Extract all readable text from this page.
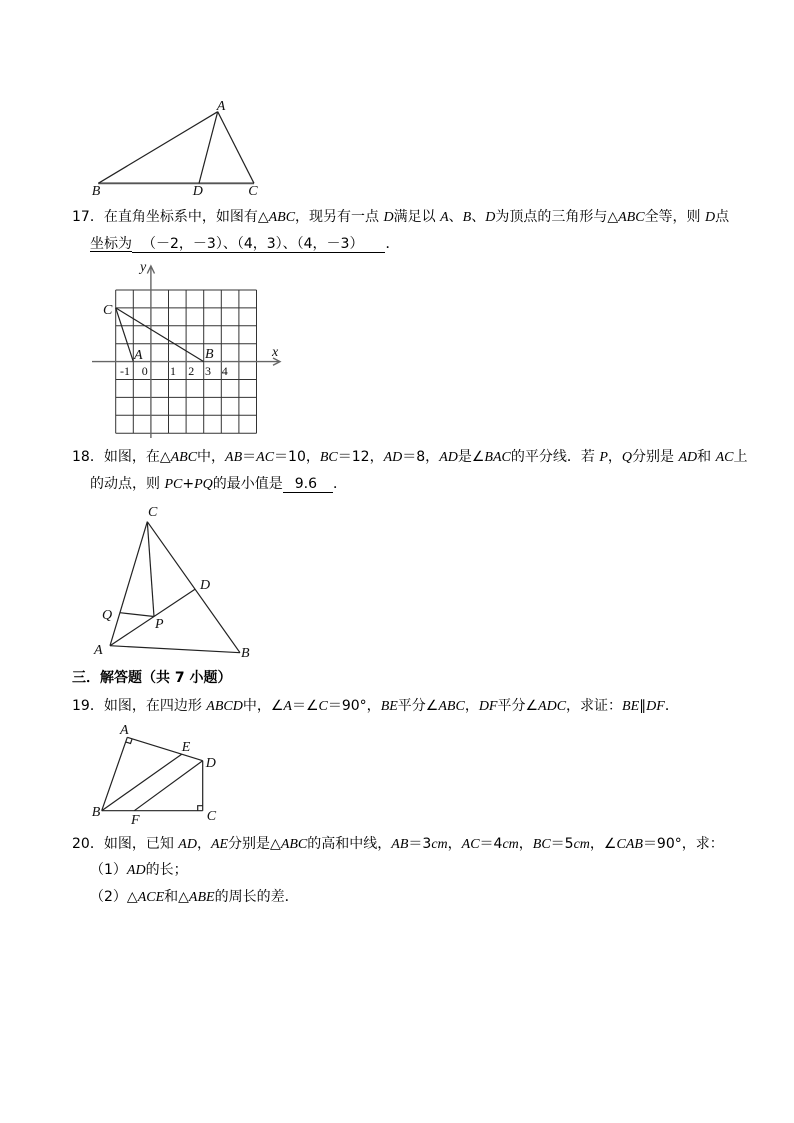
A
B	D	C
17．在直角坐标系中，如图有△ABC，现另有一点 D满足以 A、B、D为顶点的三角形与△ABC全等，则 D点
坐标为 （－2，－3）、（4，3）、（4，－3） ．
y
x
C
A	B
-1 0 1 2 3 4
18．如图，在△ABC中，AB＝AC＝10，BC＝12，AD＝8，AD是∠BAC的平分线．若 P，Q分别是 AD和 AC上
的动点，则 PC+PQ的最小值是 9.6 ．
C
D
Q
P
A	B
三．解答题（共 7 小题）
19．如图，在四边形 ABCD中，∠A＝∠C＝90°，BE平分∠ABC，DF平分∠ADC，求证：BE∥DF．
A
E
D
B	C
F
20．如图，已知 AD，AE分别是△ABC的高和中线，AB＝3cm，AC＝4cm，BC＝5cm，∠CAB＝90°，求：
（1）AD的长；
（2）△ACE和△ABE的周长的差．
